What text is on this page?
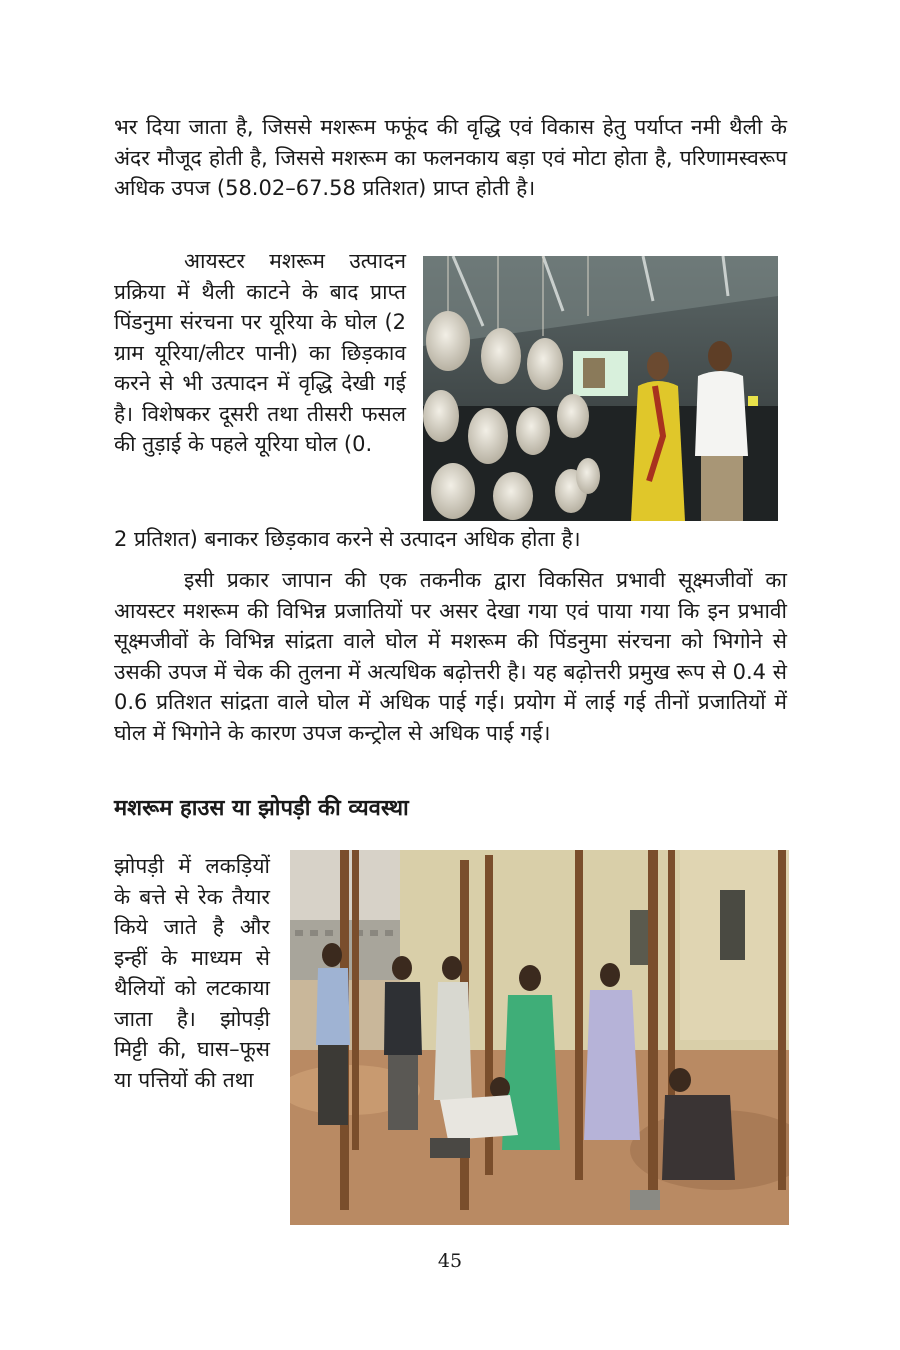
भर दिया जाता है, जिससे मशरूम फफूंद की वृद्धि एवं विकास हेतु पर्याप्त नमी थैली के अंदर मौजूद होती है, जिससे मशरूम का फलनकाय बड़ा एवं मोटा होता है, परिणामस्वरूप अधिक उपज (58.02–67.58 प्रतिशत) प्राप्त होती है।

आयस्टर मशरूम उत्पादन प्रक्रिया में थैली काटने के बाद प्राप्त पिंडनुमा संरचना पर यूरिया के घोल (2 ग्राम यूरिया/लीटर पानी) का छिड़काव करने से भी उत्पादन में वृद्धि देखी गई है। विशेषकर दूसरी तथा तीसरी फसल की तुड़ाई के पहले यूरिया घोल (0.

2 प्रतिशत) बनाकर छिड़काव करने से उत्पादन अधिक होता है।

इसी प्रकार जापान की एक तकनीक द्वारा विकसित प्रभावी सूक्ष्मजीवों का आयस्टर मशरूम की विभिन्न प्रजातियों पर असर देखा गया एवं पाया गया कि इन प्रभावी सूक्ष्मजीवों के विभिन्न सांद्रता वाले घोल में मशरूम की पिंडनुमा संरचना को भिगोने से उसकी उपज में चेक की तुलना में अत्यधिक बढ़ोत्तरी है। यह बढ़ोत्तरी प्रमुख रूप से 0.4 से 0.6 प्रतिशत सांद्रता वाले घोल में अधिक पाई गई। प्रयोग में लाई गई तीनों प्रजातियों में घोल में भिगोने के कारण उपज कन्ट्रोल से अधिक पाई गई।

मशरूम हाउस या झोपड़ी की व्यवस्था

झोपड़ी में लकड़ियों के बत्ते से रेक तैयार किये जाते है और इन्हीं के माध्यम से थैलियों को लटकाया जाता है। झोपड़ी मिट्टी की, घास–फूस या पत्तियों की तथा

45
